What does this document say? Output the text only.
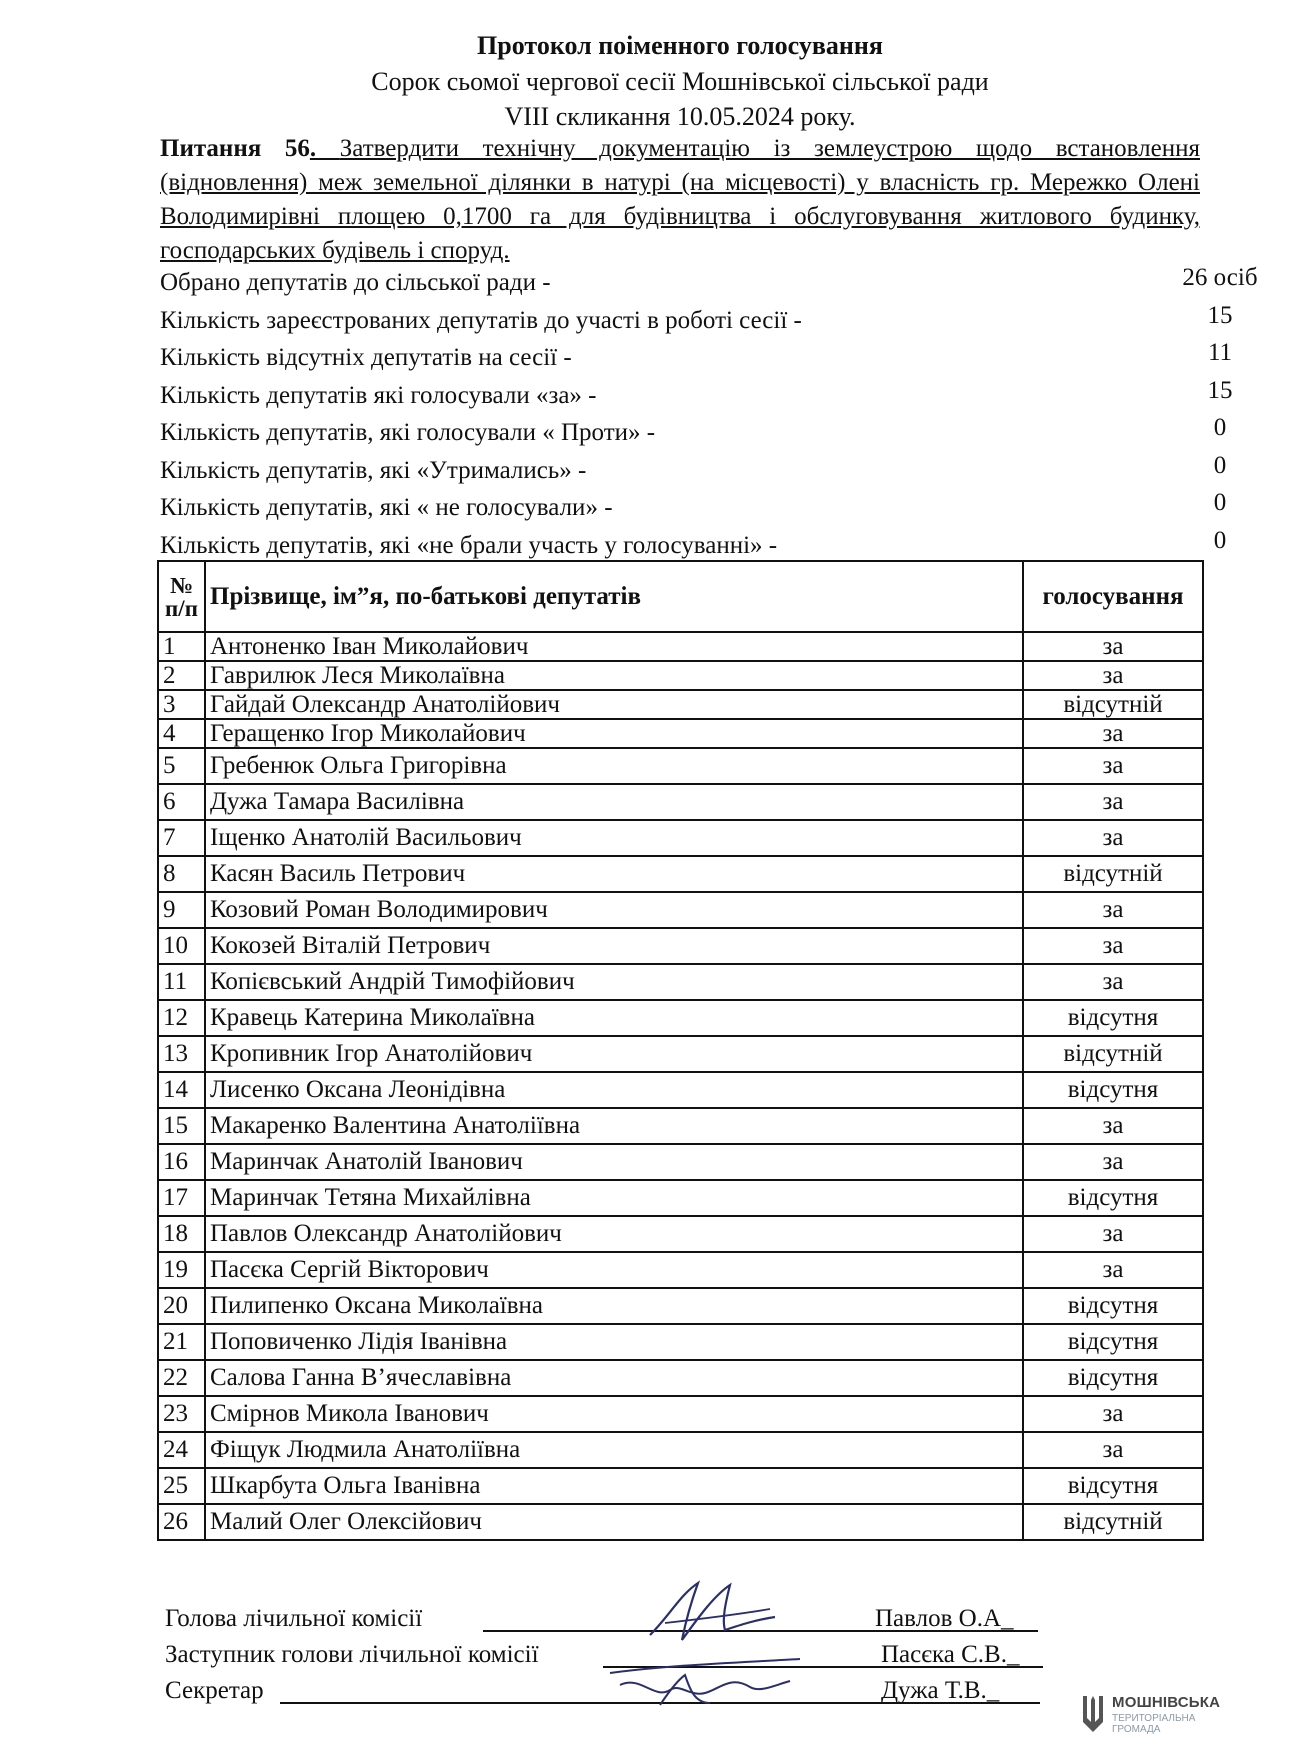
Протокол поіменного голосування
Сорок сьомої чергової сесії Мошнівської сільської ради
VIII скликання 10.05.2024 року.
Питання 56. Затвердити технічну документацію із землеустрою щодо встановлення (відновлення) меж земельної ділянки в натурі (на місцевості) у власність гр. Мережко Олені Володимирівні площею 0,1700 га для будівництва і обслуговування житлового будинку, господарських будівель і споруд.
Обрано депутатів до сільської ради -	26 осіб
Кількість зареєстрованих депутатів до участі в роботі сесії -	15
Кількість відсутніх депутатів на сесії -	11
Кількість депутатів які голосували «за» -	15
Кількість депутатів, які голосували « Проти» -	0
Кількість депутатів, які «Утримались» -	0
Кількість депутатів, які « не голосували» -	0
Кількість депутатів, які «не брали участь у голосуванні» -	0
№
п/п	Прізвище, ім”я, по-батькові депутатів	голосування
1	Антоненко Іван Миколайович	за
2	Гаврилюк Леся Миколаївна	за
3	Гайдай Олександр Анатолійович	відсутній
4	Геращенко Ігор Миколайович	за
5	Гребенюк Ольга Григорівна	за
6	Дужа Тамара Василівна	за
7	Іщенко Анатолій Васильович	за
8	Касян Василь Петрович	відсутній
9	Козовий Роман Володимирович	за
10	Кокозей Віталій Петрович	за
11	Копієвський Андрій Тимофійович	за
12	Кравець Катерина Миколаївна	відсутня
13	Кропивник Ігор Анатолійович	відсутній
14	Лисенко Оксана Леонідівна	відсутня
15	Макаренко Валентина Анатоліївна	за
16	Маринчак Анатолій Іванович	за
17	Маринчак Тетяна Михайлівна	відсутня
18	Павлов Олександр Анатолійович	за
19	Пасєка Сергій Вікторович	за
20	Пилипенко Оксана Миколаївна	відсутня
21	Поповиченко Лідія Іванівна	відсутня
22	Салова Ганна В’ячеславівна	відсутня
23	Смірнов Микола Іванович	за
24	Фіщук Людмила Анатоліївна	за
25	Шкарбута Ольга Іванівна	відсутня
26	Малий Олег Олексійович	відсутній
Голова лічильної комісії	Павлов О.А_
Заступник голови лічильної комісії	Пасєка С.В._
Секретар	Дужа Т.В._	МОШНІВСЬКА
ТЕРИТОРІАЛЬНА
ГРОМАДА
